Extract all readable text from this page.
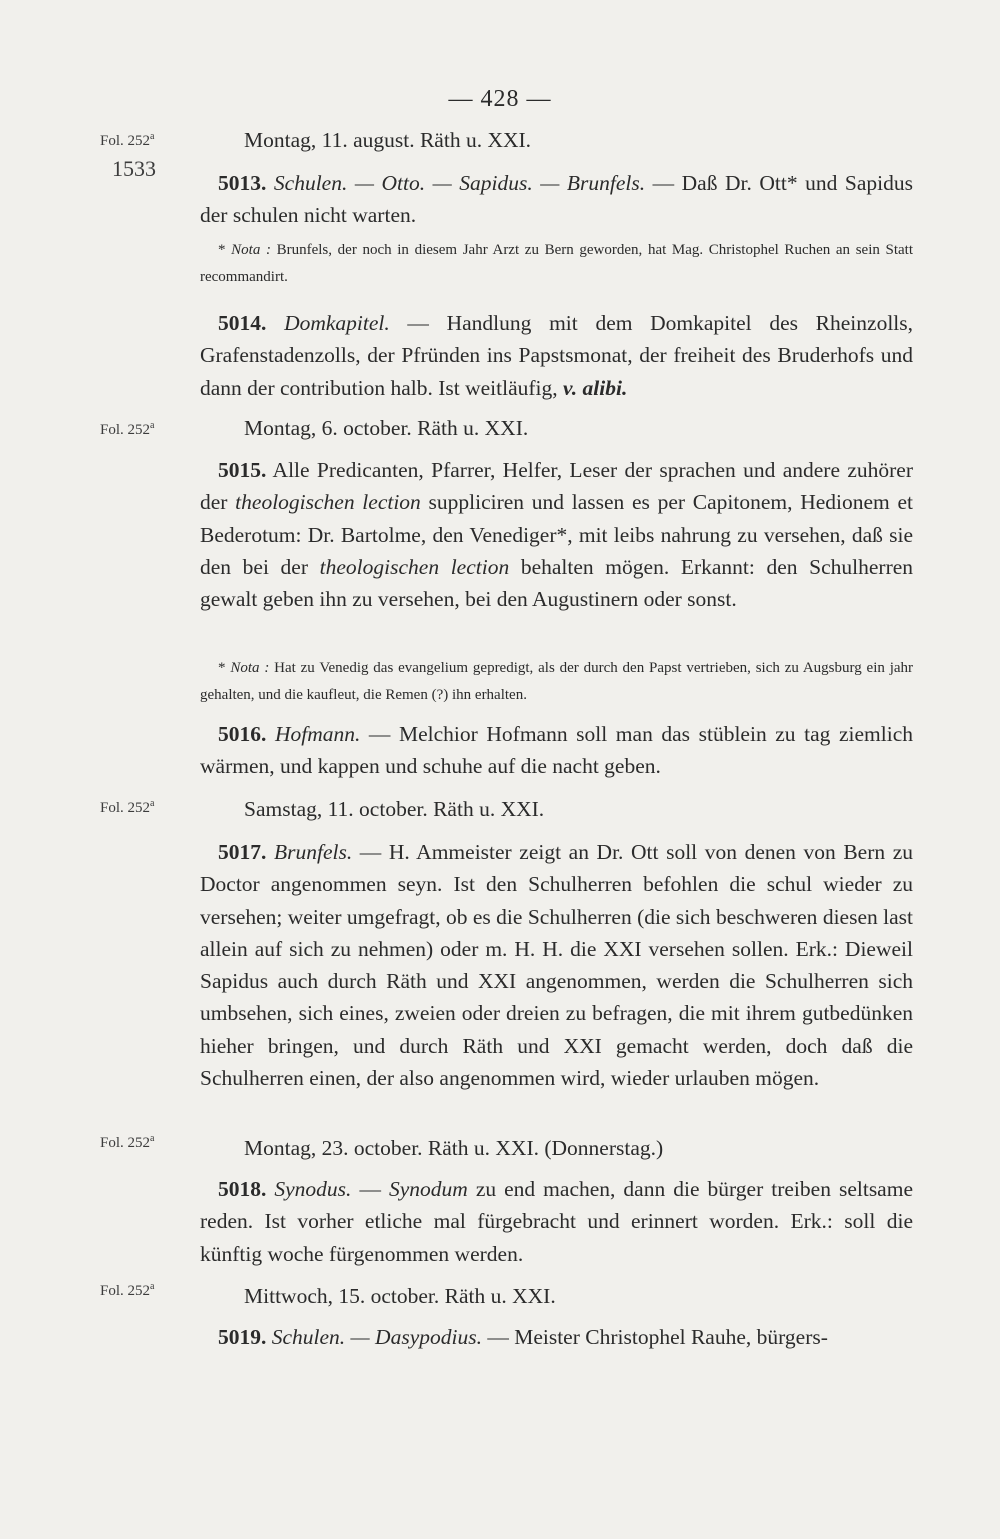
— 428 —
Fol. 252$^a$
1533
Fol. 252$^a$
Fol. 252$^a$
Fol. 252$^a$
Fol. 252$^a$
Montag, 11. august. Räth u. XXI.
5013. Schulen. — Otto. — Sapidus. — Brunfels. — Daß Dr. Ott* und Sapidus der schulen nicht warten.
* Nota : Brunfels, der noch in diesem Jahr Arzt zu Bern geworden, hat Mag. Christophel Ruchen an sein Statt recommandirt.
5014. Domkapitel. — Handlung mit dem Domkapitel des Rheinzolls, Grafenstadenzolls, der Pfründen ins Papstsmonat, der freiheit des Bruderhofs und dann der contribution halb. Ist weitläufig, v. alibi.
Montag, 6. october. Räth u. XXI.
5015. Alle Predicanten, Pfarrer, Helfer, Leser der sprachen und andere zuhörer der theologischen lection suppliciren und lassen es per Capitonem, Hedionem et Bederotum: Dr. Bartolme, den Venediger*, mit leibs nahrung zu versehen, daß sie den bei der theologischen lection behalten mögen. Erkannt: den Schulherren gewalt geben ihn zu versehen, bei den Augustinern oder sonst.
* Nota : Hat zu Venedig das evangelium gepredigt, als der durch den Papst vertrieben, sich zu Augsburg ein jahr gehalten, und die kaufleut, die Remen (?) ihn erhalten.
5016. Hofmann. — Melchior Hofmann soll man das stüblein zu tag ziemlich wärmen, und kappen und schuhe auf die nacht geben.
Samstag, 11. october. Räth u. XXI.
5017. Brunfels. — H. Ammeister zeigt an Dr. Ott soll von denen von Bern zu Doctor angenommen seyn. Ist den Schulherren befohlen die schul wieder zu versehen; weiter umgefragt, ob es die Schulherren (die sich beschweren diesen last allein auf sich zu nehmen) oder m. H. H. die XXI versehen sollen. Erk.: Dieweil Sapidus auch durch Räth und XXI angenommen, werden die Schulherren sich umbsehen, sich eines, zweien oder dreien zu befragen, die mit ihrem gutbedünken hieher bringen, und durch Räth und XXI gemacht werden, doch daß die Schulherren einen, der also angenommen wird, wieder urlauben mögen.
Montag, 23. october. Räth u. XXI. (Donnerstag.)
5018. Synodus. — Synodum zu end machen, dann die bürger treiben seltsame reden. Ist vorher etliche mal fürgebracht und erinnert worden. Erk.: soll die künftig woche fürgenommen werden.
Mittwoch, 15. october. Räth u. XXI.
5019. Schulen. — Dasypodius. — Meister Christophel Rauhe, bürgers-
